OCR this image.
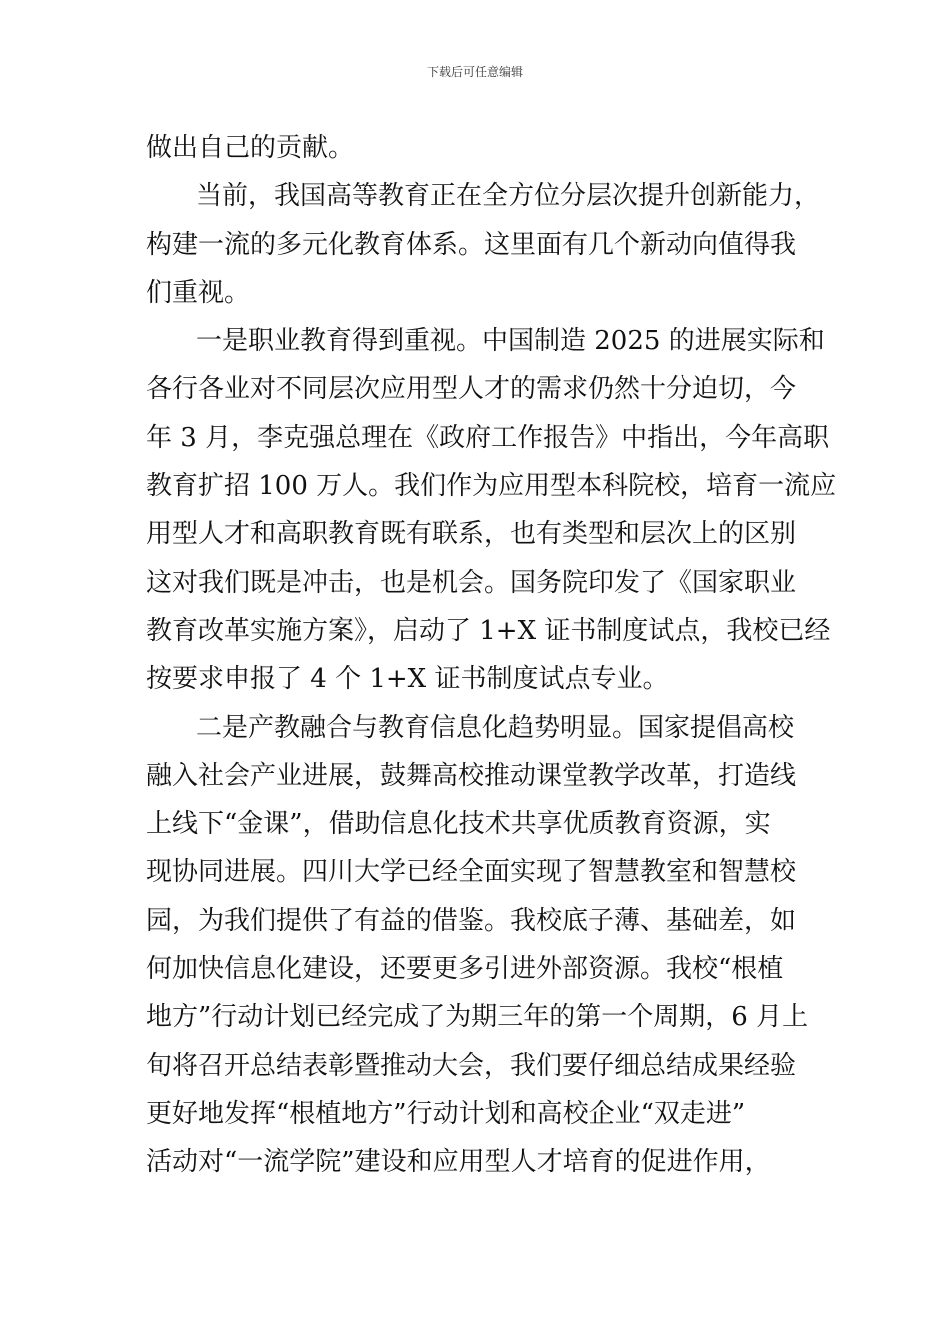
下载后可任意编辑
做出自己的贡献。
当前，我国高等教育正在全方位分层次提升创新能力，
构建一流的多元化教育体系。这里面有几个新动向值得我
们重视。
一是职业教育得到重视。中国制造 2025 的进展实际和
各行各业对不同层次应用型人才的需求仍然十分迫切，今
年 3 月，李克强总理在《政府工作报告》中指出，今年高职
教育扩招 100 万人。我们作为应用型本科院校，培育一流应
用型人才和高职教育既有联系，也有类型和层次上的区别
这对我们既是冲击，也是机会。国务院印发了《国家职业
教育改革实施方案》，启动了 1+X 证书制度试点，我校已经
按要求申报了 4 个 1+X 证书制度试点专业。
二是产教融合与教育信息化趋势明显。国家提倡高校
融入社会产业进展，鼓舞高校推动课堂教学改革，打造线
上线下“金课”，借助信息化技术共享优质教育资源，实
现协同进展。四川大学已经全面实现了智慧教室和智慧校
园，为我们提供了有益的借鉴。我校底子薄、基础差，如
何加快信息化建设，还要更多引进外部资源。我校“根植
地方”行动计划已经完成了为期三年的第一个周期，6 月上
旬将召开总结表彰暨推动大会，我们要仔细总结成果经验
更好地发挥“根植地方”行动计划和高校企业“双走进”
活动对“一流学院”建设和应用型人才培育的促进作用，
